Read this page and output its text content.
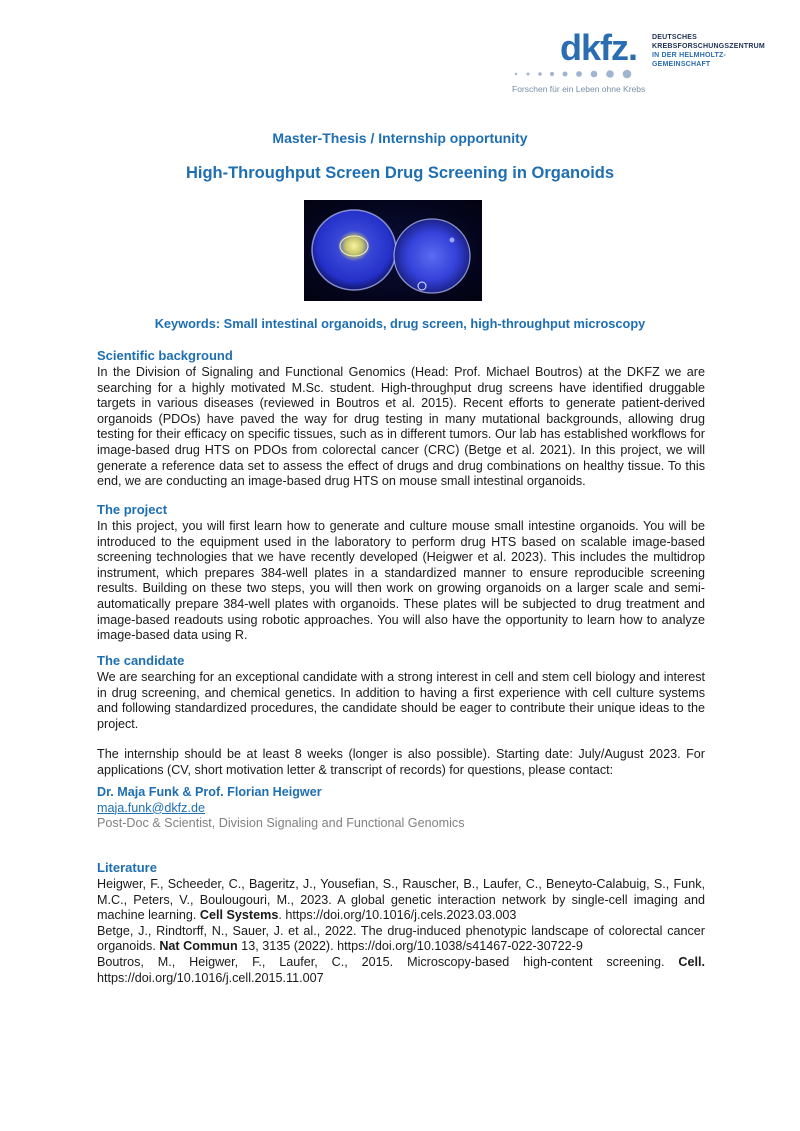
dkfz. DEUTSCHES
KREBSFORSCHUNGSZENTRUM
IN DER HELMHOLTZ-GEMEINSCHAFT
Forschen für ein Leben ohne Krebs
Master-Thesis / Internship opportunity
High-Throughput Screen Drug Screening in Organoids
Keywords: Small intestinal organoids, drug screen, high-throughput microscopy
Scientific background

In the Division of Signaling and Functional Genomics (Head: Prof. Michael Boutros) at the DKFZ we are searching for a highly motivated M.Sc. student. High-throughput drug screens have identified druggable targets in various diseases (reviewed in Boutros et al. 2015). Recent efforts to generate patient-derived organoids (PDOs) have paved the way for drug testing in many mutational backgrounds, allowing drug testing for their efficacy on specific tissues, such as in different tumors. Our lab has established workflows for image-based drug HTS on PDOs from colorectal cancer (CRC) (Betge et al. 2021). In this project, we will generate a reference data set to assess the effect of drugs and drug combinations on healthy tissue. To this end, we are conducting an image-based drug HTS on mouse small intestinal organoids.

The project

In this project, you will first learn how to generate and culture mouse small intestine organoids. You will be introduced to the equipment used in the laboratory to perform drug HTS based on scalable image-based screening technologies that we have recently developed (Heigwer et al. 2023). This includes the multidrop instrument, which prepares 384-well plates in a standardized manner to ensure reproducible screening results. Building on these two steps, you will then work on growing organoids on a larger scale and semi-automatically prepare 384-well plates with organoids. These plates will be subjected to drug treatment and image-based readouts using robotic approaches. You will also have the opportunity to learn how to analyze image-based data using R.

The candidate

We are searching for an exceptional candidate with a strong interest in cell and stem cell biology and interest in drug screening, and chemical genetics. In addition to having a first experience with cell culture systems and following standardized procedures, the candidate should be eager to contribute their unique ideas to the project.

The internship should be at least 8 weeks (longer is also possible). Starting date: July/August 2023. For applications (CV, short motivation letter & transcript of records) for questions, please contact:

Dr. Maja Funk & Prof. Florian Heigwer
maja.funk@dkfz.de
Post-Doc & Scientist, Division Signaling and Functional Genomics
Literature

Heigwer, F., Scheeder, C., Bageritz, J., Yousefian, S., Rauscher, B., Laufer, C., Beneyto-Calabuig, S., Funk, M.C., Peters, V., Boulougouri, M., 2023. A global genetic interaction network by single-cell imaging and machine learning. Cell Systems. https://doi.org/10.1016/j.cels.2023.03.003

Betge, J., Rindtorff, N., Sauer, J. et al., 2022. The drug-induced phenotypic landscape of colorectal cancer organoids. Nat Commun 13, 3135 (2022). https://doi.org/10.1038/s41467-022-30722-9

Boutros, M., Heigwer, F., Laufer, C., 2015. Microscopy-based high-content screening. Cell. https://doi.org/10.1016/j.cell.2015.11.007
